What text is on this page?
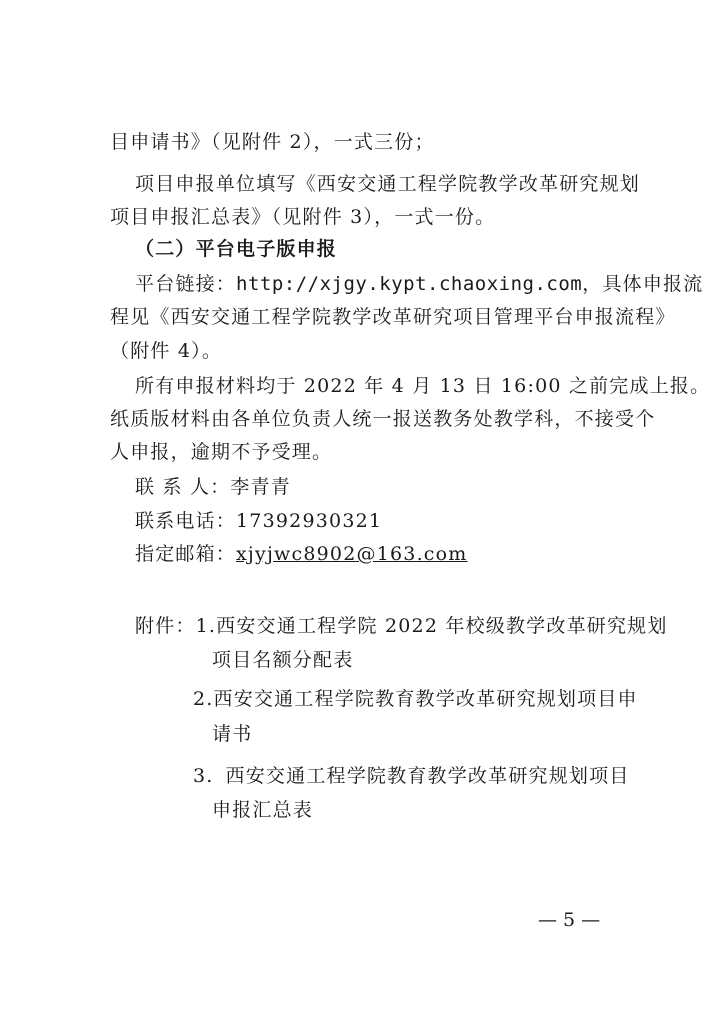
目申请书》（见附件 2），一式三份；
项目申报单位填写《西安交通工程学院教学改革研究规划
项目申报汇总表》（见附件 3），一式一份。
（二）平台电子版申报
平台链接：http://xjgy.kypt.chaoxing.com，具体申报流
程见《西安交通工程学院教学改革研究项目管理平台申报流程》
（附件 4）。
所有申报材料均于 2022 年 4 月 13 日 16:00 之前完成上报。
纸质版材料由各单位负责人统一报送教务处教学科，不接受个
人申报，逾期不予受理。
联 系 人：李青青
联系电话：17392930321
指定邮箱：xjyjwc8902@163.com
附件：1.西安交通工程学院 2022 年校级教学改革研究规划
项目名额分配表
2.西安交通工程学院教育教学改革研究规划项目申
请书
3. 西安交通工程学院教育教学改革研究规划项目
申报汇总表
— 5 —
